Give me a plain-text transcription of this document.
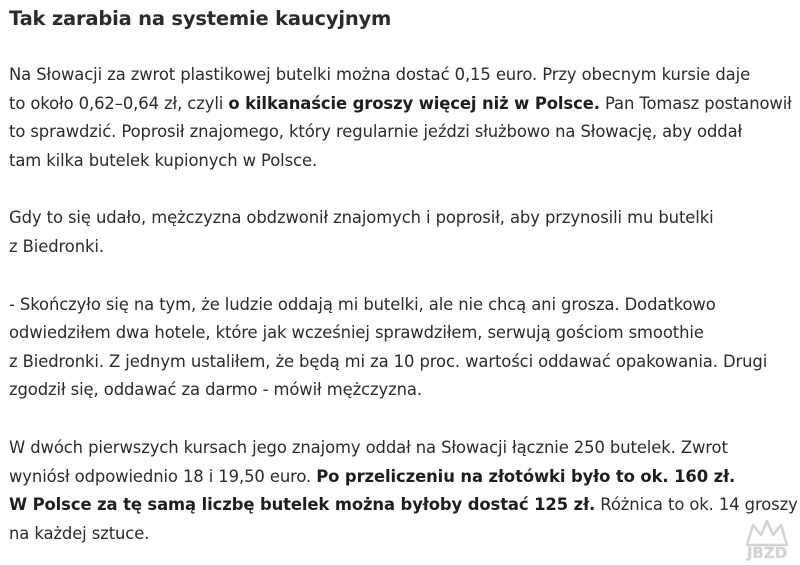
Tak zarabia na systemie kaucyjnym

Na Słowacji za zwrot plastikowej butelki można dostać 0,15 euro. Przy obecnym kursie daje
to około 0,62–0,64 zł, czyli o kilkanaście groszy więcej niż w Polsce. Pan Tomasz postanowił
to sprawdzić. Poprosił znajomego, który regularnie jeździ służbowo na Słowację, aby oddał
tam kilka butelek kupionych w Polsce.

Gdy to się udało, mężczyzna obdzwonił znajomych i poprosił, aby przynosili mu butelki
z Biedronki.

- Skończyło się na tym, że ludzie oddają mi butelki, ale nie chcą ani grosza. Dodatkowo
odwiedziłem dwa hotele, które jak wcześniej sprawdziłem, serwują gościom smoothie
z Biedronki. Z jednym ustaliłem, że będą mi za 10 proc. wartości oddawać opakowania. Drugi
zgodził się, oddawać za darmo - mówił mężczyzna.

W dwóch pierwszych kursach jego znajomy oddał na Słowacji łącznie 250 butelek. Zwrot
wyniósł odpowiednio 18 i 19,50 euro. Po przeliczeniu na złotówki było to ok. 160 zł.
W Polsce za tę samą liczbę butelek można byłoby dostać 125 zł. Różnica to ok. 14 groszy
na każdej sztuce.

JBZD
